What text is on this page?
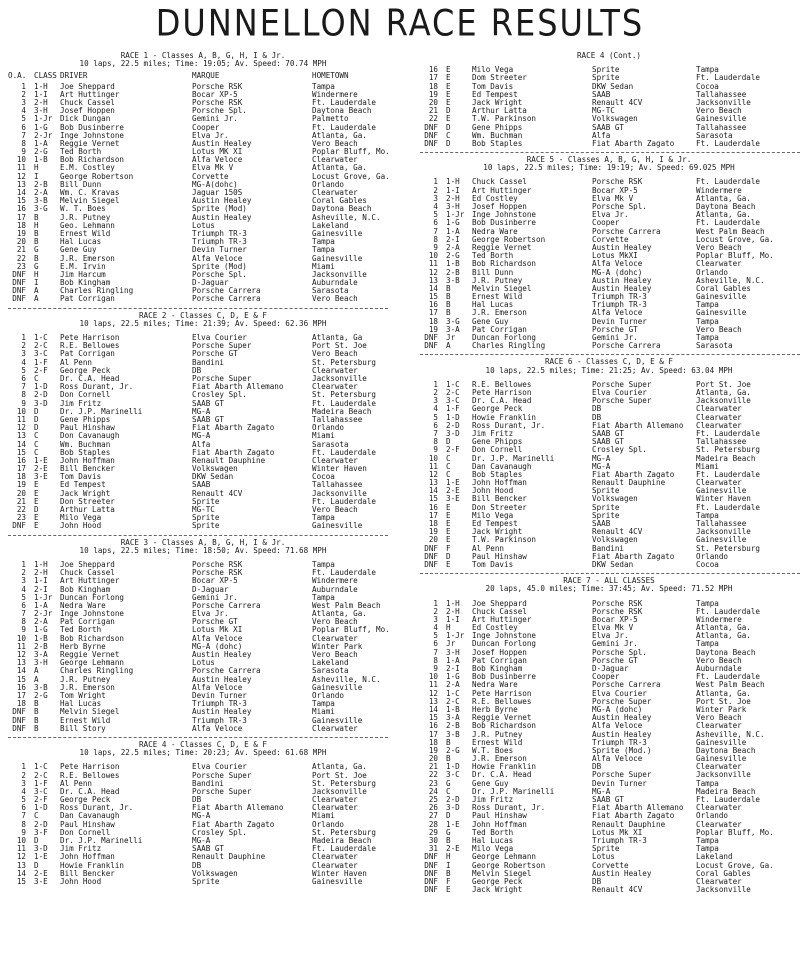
DUNNELLON RACE RESULTS
RACE 1 - Classes A, B, G, H, I & Jr.
10 laps, 22.5 miles; Time: 19:05; Av. Speed: 70.74 MPH
O.A. CLASS DRIVER	MARQUE	HOMETOWN
1 1-H	Joe Sheppard	Porsche RSK	Tampa
2 1-I	Art Huttinger	Bocar XP-5	Windermere
3 2-H	Chuck Cassel	Porsche RSK	Ft. Lauderdale
4 3-H	Josef Hoppen	Porsche Spl.	Daytona Beach
5 1-Jr	Dick Dungan	Gemini Jr.	Palmetto
6 1-G	Bob Dusinberre	Cooper	Ft. Lauderdale
7 2-Jr	Inge Johnstone	Elva Jr.	Atlanta, Ga.
8 1-A	Reggie Vernet	Austin Healey	Vero Beach
9 2-G	Ted Borth	Lotus MK XI	Poplar Bluff, Mo.
10 1-B	Bob Richardson	Alfa Veloce	Clearwater
11 H	E.M. Costley	Elva Mk V	Atlanta, Ga.
12 I	George Robertson	Corvette	Locust Grove, Ga.
13 2-B	Bill Dunn	MG-A(dohc)	Orlando
14 2-A	Wm. C. Kravas	Jaguar 150S	Clearwater
15 3-B	Melvin Siegel	Austin Healey	Coral Gables
16 3-G	W. T. Boes	Sprite (Mod)	Daytona Beach
17 B	J.R. Putney	Austin Healey	Asheville, N.C.
18 H	Geo. Lehmann	Lotus	Lakeland
19 B	Ernest Wild	Triumph TR-3	Gainesville
20 B	Hal Lucas	Triumph TR-3	Tampa
21 G	Gene Guy	Devin Turner	Tampa
22 B	J.R. Emerson	Alfa Veloce	Gainesville
23 G	E.M. Irvin	Sprite (Mod)	Miami
DNF H	Jim Harcum	Porsche Spl.	Jacksonville
DNF I	Bob Kingham	D-Jaguar	Auburndale
DNF A	Charles Ringling	Porsche Carrera	Sarasota
DNF A	Pat Corrigan	Porsche Carrera	Vero Beach
RACE 2 - Classes C, D, E & F
10 laps, 22.5 miles; Time: 21:39; Av. Speed: 62.36 MPH
1 1-C	Pete Harrison	Elva Courier	Atlanta, Ga
2 2-C	R.E. Bellowes	Porsche Super	Port St. Joe
3 3-C	Pat Corrigan	Porsche GT	Vero Beach
4 1-F	Al Penn	Bandini	St. Petersburg
5 2-F	George Peck	DB	Clearwater
6 C	Dr. C.A. Head	Porsche Super	Jacksonville
7 1-D	Ross Durant, Jr.	Fiat Abarth Allemano	Clearwater
8 2-D	Don Cornell	Crosley Spl.	St. Petersburg
9 3-D	Jim Fritz	SAAB GT	Ft. Lauderdale
10 D	Dr. J.P. Marinelli	MG-A	Madeira Beach
11 D	Gene Phipps	SAAB GT	Tallahassee
12 D	Paul Hinshaw	Fiat Abarth Zagato	Orlando
13 C	Don Cavanaugh	MG-A	Miami
14 C	Wm. Buchman	Alfa	Sarasota
15 C	Bob Staples	Fiat Abarth Zagato	Ft. Lauderdale
16 1-E	John Hoffman	Renault Dauphine	Clearwater
17 2-E	Bill Bencker	Volkswagen	Winter Haven
18 3-E	Tom Davis	DKW Sedan	Cocoa
19 E	Ed Tempest	SAAB	Tallahassee
20 E	Jack Wright	Renault 4CV	Jacksonville
21 E	Don Streeter	Sprite	Ft. Lauderdale
22 D	Arthur Latta	MG-TC	Vero Beach
23 E	Milo Vega	Sprite	Tampa
DNF E	John Hood	Sprite	Gainesville
RACE 3 - Classes A, B, G, H, I & Jr.
10 laps, 22.5 miles; Time: 18:50; Av. Speed: 71.68 MPH
1 1-H	Joe Sheppard	Porsche RSK	Tampa
2 2-H	Chuck Cassel	Porsche RSK	Ft. Lauderdale
3 1-I	Art Huttinger	Bocar XP-5	Windermere
4 2-I	Bob Kingham	D-Jaguar	Auburndale
5 1-Jr	Duncan Forlong	Gemini Jr.	Tampa
6 1-A	Nedra Ware	Porsche Carrera	West Palm Beach
7 2-Jr	Inge Johnstone	Elva Jr.	Atlanta, Ga.
8 2-A	Pat Corrigan	Porsche GT	Vero Beach
9 1-G	Ted Borth	Lotus Mk XI	Poplar Bluff, Mo.
10 1-B	Bob Richardson	Alfa Veloce	Clearwater
11 2-B	Herb Byrne	MG-A (dohc)	Winter Park
12 3-A	Reggie Vernet	Austin Healey	Vero Beach
13 3-H	George Lehmann	Lotus	Lakeland
14 A	Charles Ringling	Porsche Carrera	Sarasota
15 A	J.R. Putney	Austin Healey	Asheville, N.C.
16 3-B	J.R. Emerson	Alfa Veloce	Gainesville
17 2-G	Tom Wright	Devin Turner	Orlando
18 B	Hal Lucas	Triumph TR-3	Tampa
DNF B	Melvin Siegel	Austin Healey	Miami
DNF B	Ernest Wild	Triumph TR-3	Gainesville
DNF B	Bill Story	Alfa Veloce	Clearwater
RACE 4 - Classes C, D, E & F
10 laps, 22.5 miles; Time: 20:23; Av. Speed: 61.68 MPH
1 1-C	Pete Harrison	Elva Courier	Atlanta, Ga.
2 2-C	R.E. Bellowes	Porsche Super	Port St. Joe
3 1-F	Al Penn	Bandini	St. Petersburg
4 3-C	Dr. C.A. Head	Porsche Super	Jacksonville
5 2-F	George Peck	DB	Clearwater
6 1-D	Ross Durant, Jr.	Fiat Abarth Allemano	Clearwater
7 C	Dan Cavanaugh	MG-A	Miami
8 2-D	Paul Hinshaw	Fiat Abarth Zagato	Orlando
9 3-F	Don Cornell	Crosley Spl.	St. Petersburg
10 D	Dr. J.P. Marinelli	MG-A	Madeira Beach
11 3-D	Jim Fritz	SAAB GT	Ft. Lauderdale
12 1-E	John Hoffman	Renault Dauphine	Clearwater
13 D	Howie Franklin	DB	Clearwater
14 2-E	Bill Bencker	Volkswagen	Winter Haven
15 3-E	John Hood	Sprite	Gainesville
RACE 4 (Cont.)
16 E	Milo Vega	Sprite	Tampa
17 E	Dom Streeter	Sprite	Ft. Lauderdale
18 E	Tom Davis	DKW Sedan	Cocoa
19 E	Ed Tempest	SAAB	Tallahassee
20 E	Jack Wright	Renault 4CV	Jacksonville
21 D	Arthur Latta	MG-TC	Vero Beach
22 E	T.W. Parkinson	Volkswagen	Gainesville
DNF D	Gene Phipps	SAAB GT	Tallahassee
DNF C	Wm. Buchman	Alfa	Sarasota
DNF D	Bob Staples	Fiat Abarth Zagato	Ft. Lauderdale
RACE 5 - Classes A, B, G, H, I & Jr.
10 laps, 22.5 miles; Time: 19:19; Av. Speed: 69.025 MPH
1 1-H	Chuck Cassel	Porsche RSK	Ft. Lauderdale
2 1-I	Art Huttinger	Bocar XP-5	Windermere
3 2-H	Ed Costley	Elva Mk V	Atlanta, Ga.
4 3-H	Josef Hoppen	Porsche Spl.	Daytona Beach
5 1-Jr	Inge Johnstone	Elva Jr.	Atlanta, Ga.
6 1-G	Bob Dusinberre	Cooper	Ft. Lauderdale
7 1-A	Nedra Ware	Porsche Carrera	West Palm Beach
8 2-I	George Robertson	Corvette	Locust Grove, Ga.
9 2-A	Reggie Vernet	Austin Healey	Vero Beach
10 2-G	Ted Borth	Lotus MkXI	Poplar Bluff, Mo.
11 1-B	Bob Richardson	Alfa Veloce	Clearwater
12 2-B	Bill Dunn	MG-A (dohc)	Orlando
13 3-B	J.R. Putney	Austin Healey	Asheville, N.C.
14 B	Melvin Siegel	Austin Healey	Coral Gables
15 B	Ernest Wild	Triumph TR-3	Gainesville
16 B	Hal Lucas	Triumph TR-3	Tampa
17 B	J.R. Emerson	Alfa Veloce	Gainesville
18 3-G	Gene Guy	Devin Turner	Tampa
19 3-A	Pat Corrigan	Porsche GT	Vero Beach
DNF Jr	Duncan Forlong	Gemini Jr.	Tampa
DNF A	Charles Ringling	Porsche Carrera	Sarasota
RACE 6 - Classes C, D, E & F
10 laps, 22.5 miles; Time: 21:25; Av. Speed: 63.04 MPH
1 1-C	R.E. Bellowes	Porsche Super	Port St. Joe
2 2-C	Pete Harrison	Elva Courier	Atlanta, Ga.
3 3-C	Dr. C.A. Head	Porsche Super	Jacksonville
4 1-F	George Peck	DB	Clearwater
5 1-D	Howie Franklin	DB	Clearwater
6 2-D	Ross Durant, Jr.	Fiat Abarth Allemano	Clearwater
7 3-D	Jim Fritz	SAAB GT	Ft. Lauderdale
8 D	Gene Phipps	SAAB GT	Tallahassee
9 2-F	Don Cornell	Crosley Spl.	St. Petersburg
10 C	Dr. J.P. Marinelli	MG-A	Madeira Beach
11 C	Dan Cavanaugh	MG-A	Miami
12 C	Bob Staples	Fiat Abarth Zagato	Ft. Lauderdale
13 1-E	John Hoffman	Renault Dauphine	Clearwater
14 2-E	John Hood	Sprite	Gainesville
15 3-E	Bill Bencker	Volkswagen	Winter Haven
16 E	Don Streeter	Sprite	Ft. Lauderdale
17 E	Milo Vega	Sprite	Tampa
18 E	Ed Tempest	SAAB	Tallahassee
19 E	Jack Wright	Renault 4CV	Jacksonville
20 E	T.W. Parkinson	Volkswagen	Gainesville
DNF F	Al Penn	Bandini	St. Petersburg
DNF D	Paul Hinshaw	Fiat Abarth Zagato	Orlando
DNF E	Tom Davis	DKW Sedan	Cocoa
RACE 7 - ALL CLASSES
20 laps, 45.0 miles; Time: 37:45; Av. Speed: 71.52 MPH
1 1-H	Joe Sheppard	Porsche RSK	Tampa
2 2-H	Chuck Cassel	Porsche RSK	Ft. Lauderdale
3 1-I	Art Huttinger	Bocar XP-5	Windermere
4 H	Ed Costley	Elva Mk V	Atlanta, Ga.
5 1-Jr	Inge Johnstone	Elva Jr.	Atlanta, Ga.
6 Jr	Duncan Forlong	Gemini Jr.	Tampa
7 3-H	Josef Hoppen	Porsche Spl.	Daytona Beach
8 1-A	Pat Corrigan	Porsche GT	Vero Beach
9 2-I	Bob Kingham	D-Jaguar	Auburndale
10 1-G	Bob Dusinberre	Cooper	Ft. Lauderdale
11 2-A	Nedra Ware	Porsche Carrera	West Palm Beach
12 1-C	Pete Harrison	Elva Courier	Atlanta, Ga.
13 2-C	R.E. Bellowes	Porsche Super	Port St. Joe
14 1-B	Herb Byrne	MG-A (dohc)	Winter Park
15 3-A	Reggie Vernet	Austin Healey	Vero Beach
16 2-B	Bob Richardson	Alfa Veloce	Clearwater
17 3-B	J.R. Putney	Austin Healey	Asheville, N.C.
18 B	Ernest Wild	Triumph TR-3	Gainesville
19 2-G	W.T. Boes	Sprite (Mod.)	Daytona Beach
20 B	J.R. Emerson	Alfa Veloce	Gainesville
21 1-D	Howie Franklin	DB	Clearwater
22 3-C	Dr. C.A. Head	Porsche Super	Jacksonville
23 G	Gene Guy	Devin Turner	Tampa
24 C	Dr. J.P. Marinelli	MG-A	Madeira Beach
25 2-D	Jim Fritz	SAAB GT	Ft. Lauderdale
26 3-D	Ross Durant, Jr.	Fiat Abarth Allemano	Clearwater
27 D	Paul Hinshaw	Fiat Abarth Zagato	Orlando
28 1-E	John Hoffman	Renault Dauphine	Clearwater
29 G	Ted Borth	Lotus Mk XI	Poplar Bluff, Mo.
30 B	Hal Lucas	Triumph TR-3	Tampa
31 2-E	Milo Vega	Sprite	Tampa
DNF H	George Lehmann	Lotus	Lakeland
DNF I	George Robertson	Corvette	Locust Grove, Ga.
DNF B	Melvin Siegel	Austin Healey	Coral Gables
DNF F	George Peck	DB	Clearwater
DNF E	Jack Wright	Renault 4CV	Jacksonville
